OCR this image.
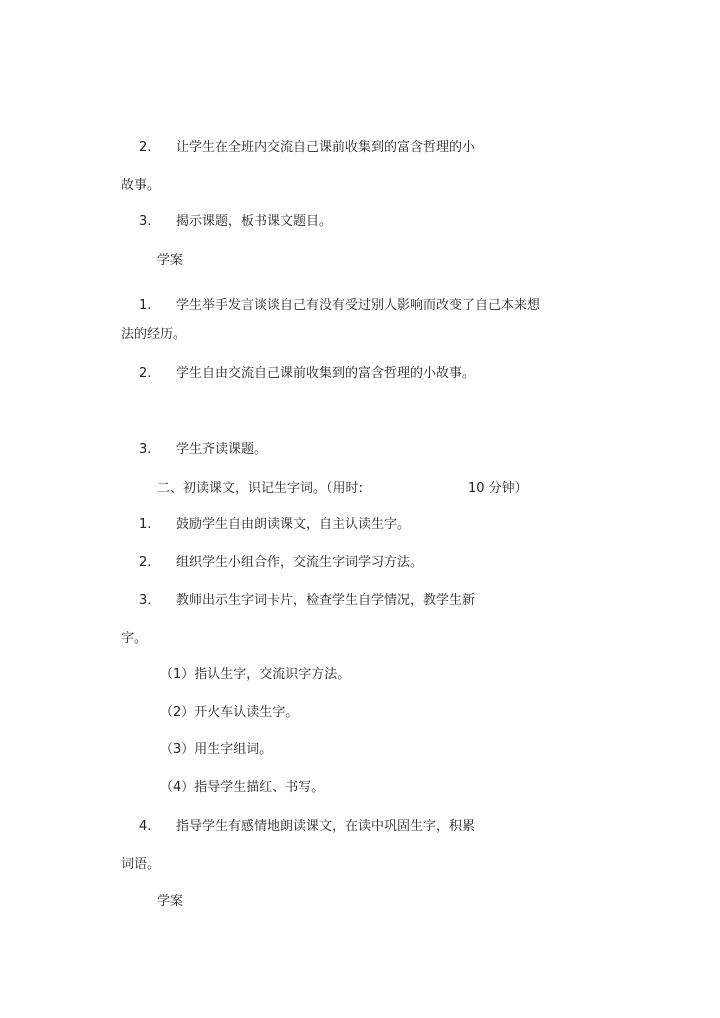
2. 让学生在全班内交流自己课前收集到的富含哲理的小
故事。
3. 揭示课题，板书课文题目。
学案
1. 学生举手发言谈谈自己有没有受过别人影响而改变了自己本来想
法的经历。
2. 学生自由交流自己课前收集到的富含哲理的小故事。
3. 学生齐读课题。
二、初读课文，识记生字词。（用时:	10 分钟）
1. 鼓励学生自由朗读课文，自主认读生字。
2. 组织学生小组合作，交流生字词学习方法。
3. 教师出示生字词卡片，检查学生自学情况，教学生新
字。
（1）指认生字，交流识字方法。
（2）开火车认读生字。
（3）用生字组词。
（4）指导学生描红、书写。
4. 指导学生有感情地朗读课文，在读中巩固生字，积累
词语。
学案
